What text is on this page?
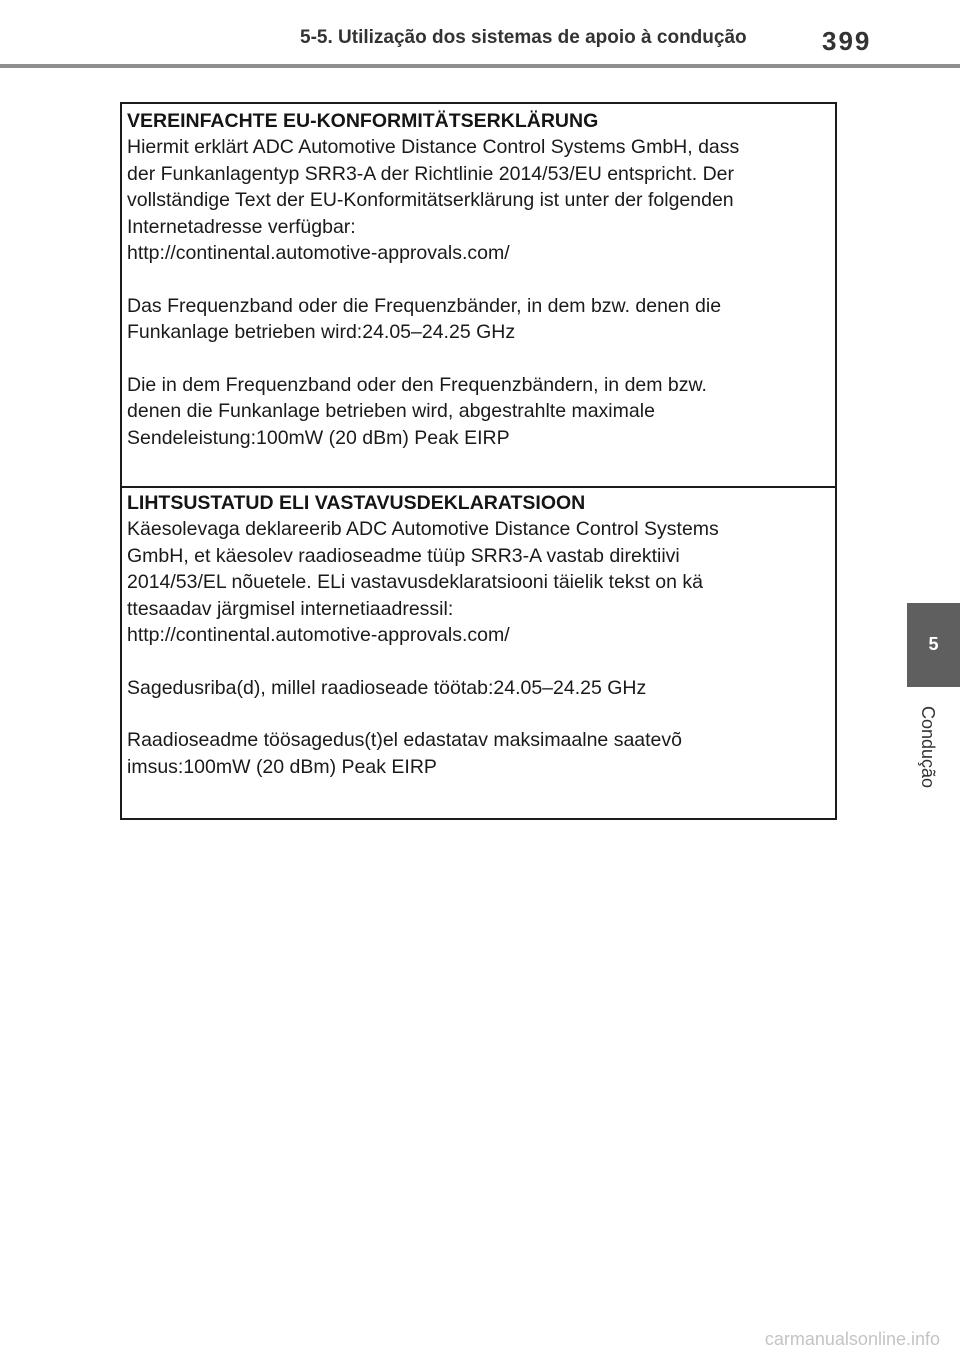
5-5. Utilização dos sistemas de apoio à condução	399
5
Condução
VEREINFACHTE EU-KONFORMITÄTSERKLÄRUNG
Hiermit erklärt ADC Automotive Distance Control Systems GmbH, dass
der Funkanlagentyp SRR3-A der Richtlinie 2014/53/EU entspricht. Der
vollständige Text der EU-Konformitätserklärung ist unter der folgenden
Internetadresse verfügbar:
http://continental.automotive-approvals.com/
Das Frequenzband oder die Frequenzbänder, in dem bzw. denen die
Funkanlage betrieben wird:24.05–24.25 GHz
Die in dem Frequenzband oder den Frequenzbändern, in dem bzw.
denen die Funkanlage betrieben wird, abgestrahlte maximale
Sendeleistung:100mW (20 dBm) Peak EIRP
LIHTSUSTATUD ELI VASTAVUSDEKLARATSIOON
Käesolevaga deklareerib ADC Automotive Distance Control Systems
GmbH, et käesolev raadioseadme tüüp SRR3-A vastab direktiivi
2014/53/EL nõuetele. ELi vastavusdeklaratsiooni täielik tekst on kä
ttesaadav järgmisel internetiaadressil:
http://continental.automotive-approvals.com/
Sagedusriba(d), millel raadioseade töötab:24.05–24.25 GHz
Raadioseadme töösagedus(t)el edastatav maksimaalne saatevõ
imsus:100mW (20 dBm) Peak EIRP
carmanualsonline.info
